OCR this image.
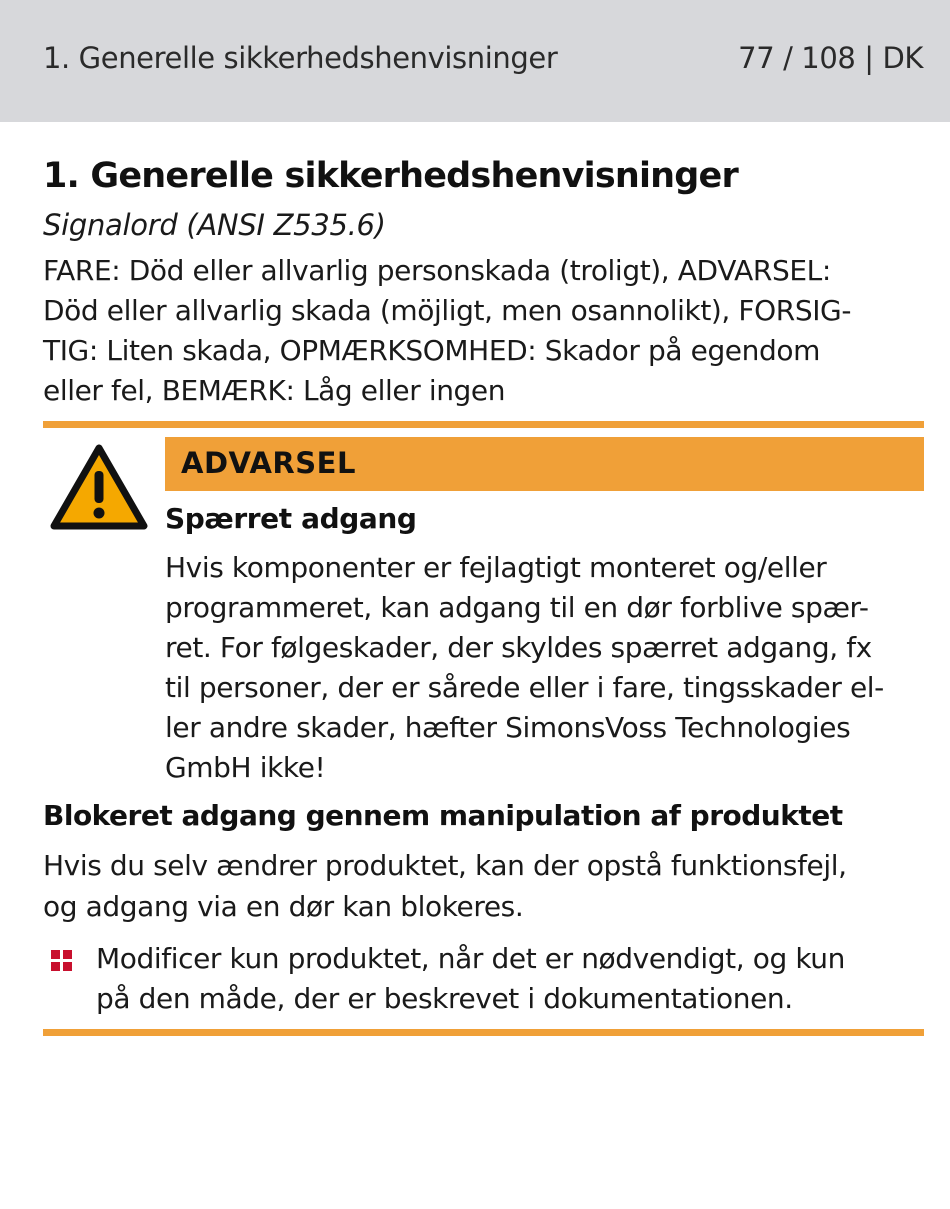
1. Generelle sikkerhedshenvisninger	77 / 108 | DK
1. Generelle sikkerhedshenvisninger
Signalord (ANSI Z535.6)
FARE: Död eller allvarlig personskada (troligt), ADVARSEL:
Död eller allvarlig skada (möjligt, men osannolikt), FORSIG-
TIG: Liten skada, OPMÆRKSOMHED: Skador på egendom
eller fel, BEMÆRK: Låg eller ingen
ADVARSEL
Spærret adgang
Hvis komponenter er fejlagtigt monteret og/eller
programmeret, kan adgang til en dør forblive spær-
ret. For følgeskader, der skyldes spærret adgang, fx
til personer, der er sårede eller i fare, tingsskader el-
ler andre skader, hæfter SimonsVoss Technologies
GmbH ikke!
Blokeret adgang gennem manipulation af produktet
Hvis du selv ændrer produktet, kan der opstå funktionsfejl,
og adgang via en dør kan blokeres.
Modificer kun produktet, når det er nødvendigt, og kun
på den måde, der er beskrevet i dokumentationen.
